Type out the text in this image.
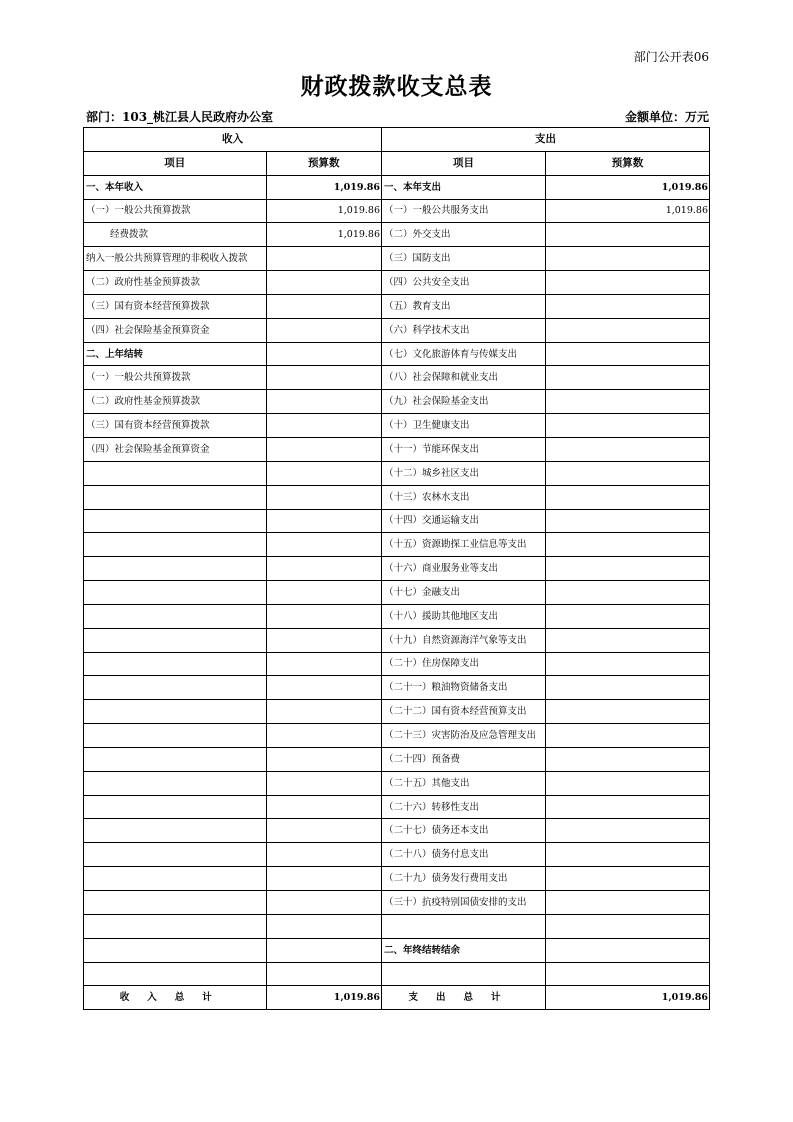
部门公开表06
财政拨款收支总表
部门：103_桃江县人民政府办公室	金额单位：万元
收入		支出	
项目	预算数	项目	预算数
一、本年收入	1,019.86	一、本年支出	1,019.86
（一）一般公共预算拨款	1,019.86	（一）一般公共服务支出	1,019.86
经费拨款	1,019.86	（二）外交支出	
纳入一般公共预算管理的非税收入拨款		（三）国防支出	
（二）政府性基金预算拨款		（四）公共安全支出	
（三）国有资本经营预算拨款		（五）教育支出	
（四）社会保险基金预算资金		（六）科学技术支出	
二、上年结转		（七）文化旅游体育与传媒支出	
（一）一般公共预算拨款		（八）社会保障和就业支出	
（二）政府性基金预算拨款		（九）社会保险基金支出	
（三）国有资本经营预算拨款		（十）卫生健康支出	
（四）社会保险基金预算资金		（十一）节能环保支出	
		（十二）城乡社区支出	
		（十三）农林水支出	
		（十四）交通运输支出	
		（十五）资源勘探工业信息等支出	
		（十六）商业服务业等支出	
		（十七）金融支出	
		（十八）援助其他地区支出	
		（十九）自然资源海洋气象等支出	
		（二十）住房保障支出	
		（二十一）粮油物资储备支出	
		（二十二）国有资本经营预算支出	
		（二十三）灾害防治及应急管理支出	
		（二十四）预备费	
		（二十五）其他支出	
		（二十六）转移性支出	
		（二十七）债务还本支出	
		（二十八）债务付息支出	
		（二十九）债务发行费用支出	
		（三十）抗疫特别国债安排的支出	

		二、年终结转结余	

收入总计	1,019.86	支出总计	1,019.86
